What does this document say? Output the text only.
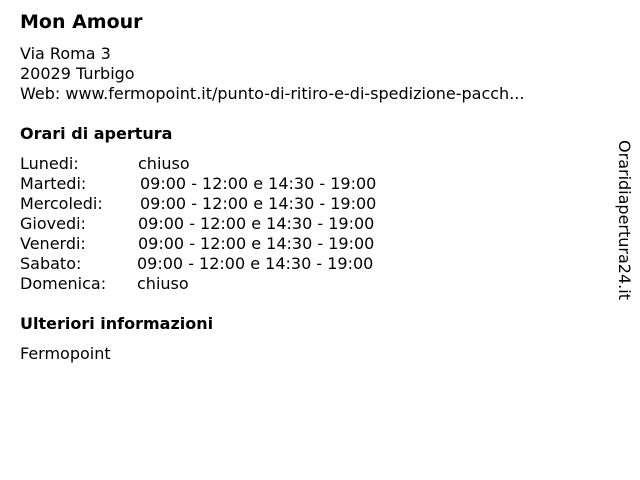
Mon Amour
Via Roma 3
20029 Turbigo
Web: www.fermopoint.it/punto-di-ritiro-e-di-spedizione-pacch...
Orari di apertura
Lunedi:	chiuso
Martedi:	09:00 - 12:00 e 14:30 - 19:00
Mercoledi: 09:00 - 12:00 e 14:30 - 19:00
Giovedi:	09:00 - 12:00 e 14:30 - 19:00
Venerdi:	09:00 - 12:00 e 14:30 - 19:00
Sabato:	09:00 - 12:00 e 14:30 - 19:00
Domenica: chiuso
Ulteriori informazioni
Fermopoint
Oraridiapertura24.it
